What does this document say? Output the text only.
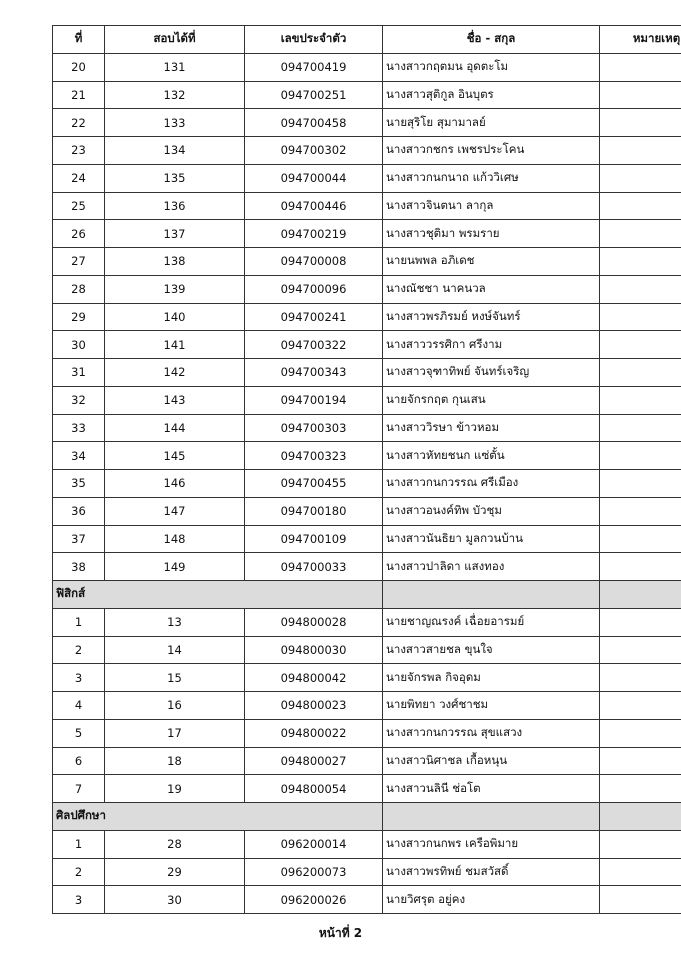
ที่	สอบได้ที่	เลขประจำตัว	ชื่อ - สกุล	หมายเหตุ
20	131	094700419	นางสาวกฤตมน อุดตะโม	
21	132	094700251	นางสาวสุติกูล อินบุตร	
22	133	094700458	นายสุริโย สุมามาลย์	
23	134	094700302	นางสาวกชกร เพชรประโคน	
24	135	094700044	นางสาวกนกนาถ แก้ววิเศษ	
25	136	094700446	นางสาวจินตนา ลากุล	
26	137	094700219	นางสาวชุติมา พรมราย	
27	138	094700008	นายนพพล อภิเดช	
28	139	094700096	นางณัชชา นาคนวล	
29	140	094700241	นางสาวพรภิรมย์ หงษ์จันทร์	
30	141	094700322	นางสาววรรศิกา ศรีงาม	
31	142	094700343	นางสาวจุฑาทิพย์ จันทร์เจริญ	
32	143	094700194	นายจักรกฤต กุนเสน	
33	144	094700303	นางสาววิรษา ข้าวหอม	
34	145	094700323	นางสาวหัทยชนก แซ่ตั้น	
35	146	094700455	นางสาวกนกวรรณ ศรีเมือง	
36	147	094700180	นางสาวอนงค์ทิพ บัวชุม	
37	148	094700109	นางสาวนันธิยา มูลกวนบ้าน	
38	149	094700033	นางสาวปาลิดา แสงทอง	
ฟิสิกส์				
1	13	094800028	นายชาญณรงค์ เฉื่อยอารมย์	
2	14	094800030	นางสาวสายชล ขุนใจ	
3	15	094800042	นายจักรพล กิจอุดม	
4	16	094800023	นายพิทยา วงศ์ชาชม	
5	17	094800022	นางสาวกนกวรรณ สุขแสวง	
6	18	094800027	นางสาวนิศาชล เกื้อหนุน	
7	19	094800054	นางสาวนลินี ช่อโต	
ศิลปศึกษา				
1	28	096200014	นางสาวกนกพร เครือพิมาย	
2	29	096200073	นางสาวพรทิพย์ ชมสวัสดิ์	
3	30	096200026	นายวิศรุต อยู่คง	
หน้าที่ 2
